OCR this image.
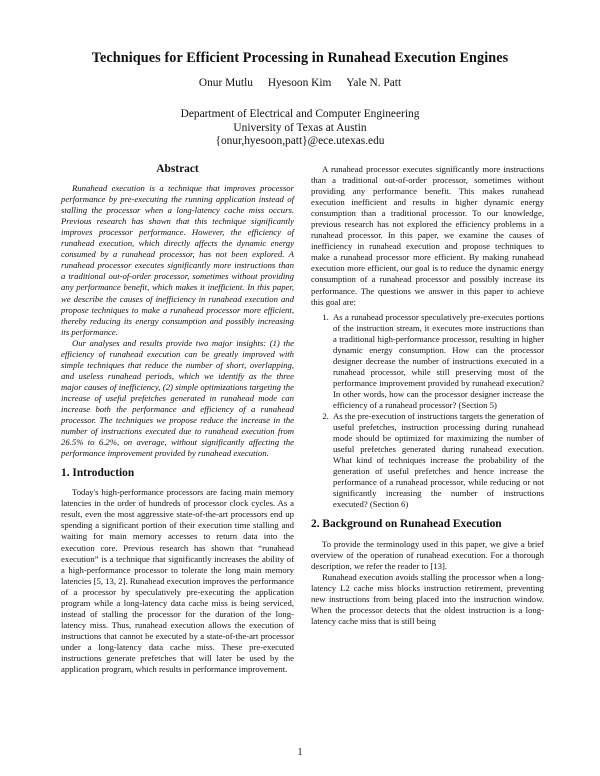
Techniques for Efficient Processing in Runahead Execution Engines
Onur Mutlu Hyesoon Kim Yale N. Patt
Department of Electrical and Computer Engineering
University of Texas at Austin
{onur,hyesoon,patt}@ece.utexas.edu
Abstract

Runahead execution is a technique that improves processor performance by pre-executing the running application instead of stalling the processor when a long-latency cache miss occurs. Previous research has shown that this technique significantly improves processor performance. However, the efficiency of runahead execution, which directly affects the dynamic energy consumed by a runahead processor, has not been explored. A runahead processor executes significantly more instructions than a traditional out-of-order processor, sometimes without providing any performance benefit, which makes it inefficient. In this paper, we describe the causes of inefficiency in runahead execution and propose techniques to make a runahead processor more efficient, thereby reducing its energy consumption and possibly increasing its performance.

Our analyses and results provide two major insights: (1) the efficiency of runahead execution can be greatly improved with simple techniques that reduce the number of short, overlapping, and useless runahead periods, which we identify as the three major causes of inefficiency, (2) simple optimizations targeting the increase of useful prefetches generated in runahead mode can increase both the performance and efficiency of a runahead processor. The techniques we propose reduce the increase in the number of instructions executed due to runahead execution from 26.5% to 6.2%, on average, without significantly affecting the performance improvement provided by runahead execution.

1. Introduction

Today's high-performance processors are facing main memory latencies in the order of hundreds of processor clock cycles. As a result, even the most aggressive state-of-the-art processors end up spending a significant portion of their execution time stalling and waiting for main memory accesses to return data into the execution core. Previous research has shown that “runahead execution” is a technique that significantly increases the ability of a high-performance processor to tolerate the long main memory latencies [5, 13, 2]. Runahead execution improves the performance of a processor by speculatively pre-executing the application program while a long-latency data cache miss is being serviced, instead of stalling the processor for the duration of the long-latency miss. Thus, runahead execution allows the execution of instructions that cannot be executed by a state-of-the-art processor under a long-latency data cache miss. These pre-executed instructions generate prefetches that will later be used by the application program, which results in performance improvement.

A runahead processor executes significantly more instructions than a traditional out-of-order processor, sometimes without providing any performance benefit. This makes runahead execution inefficient and results in higher dynamic energy consumption than a traditional processor. To our knowledge, previous research has not explored the efficiency problems in a runahead processor. In this paper, we examine the causes of inefficiency in runahead execution and propose techniques to make a runahead processor more efficient. By making runahead execution more efficient, our goal is to reduce the dynamic energy consumption of a runahead processor and possibly increase its performance. The questions we answer in this paper to achieve this goal are:

1. As a runahead processor speculatively pre-executes portions of the instruction stream, it executes more instructions than a traditional high-performance processor, resulting in higher dynamic energy consumption. How can the processor designer decrease the number of instructions executed in a runahead processor, while still preserving most of the performance improvement provided by runahead execution? In other words, how can the processor designer increase the efficiency of a runahead processor? (Section 5)
2. As the pre-execution of instructions targets the generation of useful prefetches, instruction processing during runahead mode should be optimized for maximizing the number of useful prefetches generated during runahead execution. What kind of techniques increase the probability of the generation of useful prefetches and hence increase the performance of a runahead processor, while reducing or not significantly increasing the number of instructions executed? (Section 6)
2. Background on Runahead Execution

To provide the terminology used in this paper, we give a brief overview of the operation of runahead execution. For a thorough description, we refer the reader to [13].

Runahead execution avoids stalling the processor when a long-latency L2 cache miss blocks instruction retirement, preventing new instructions from being placed into the instruction window. When the processor detects that the oldest instruction is a long-latency cache miss that is still being

1
